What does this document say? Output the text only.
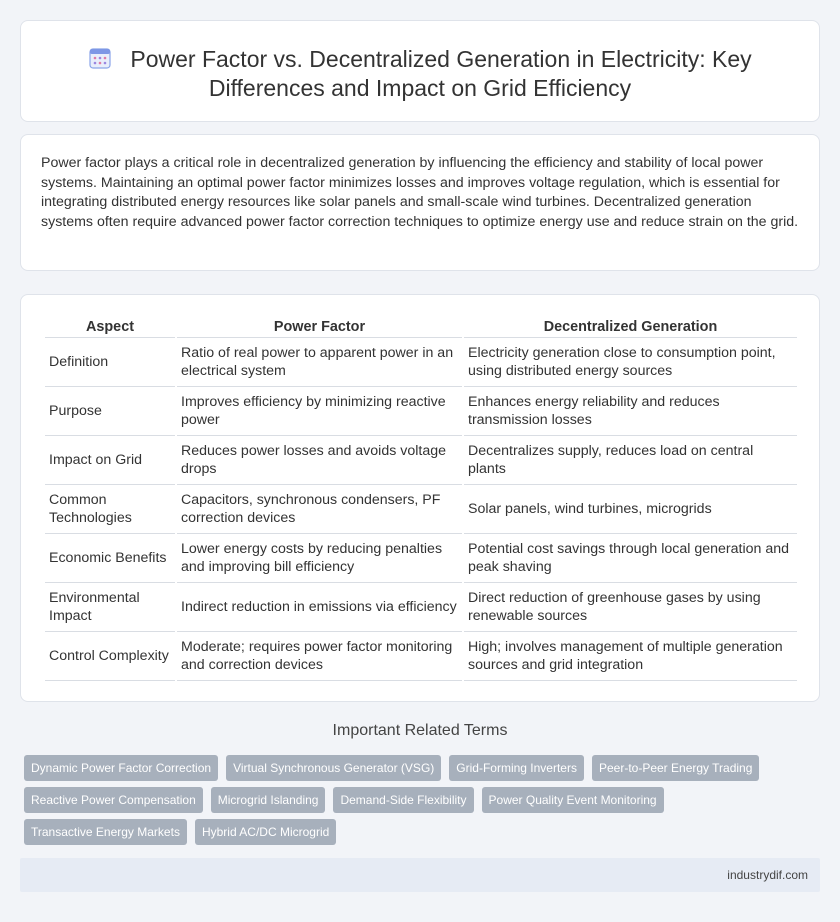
Power Factor vs. Decentralized Generation in Electricity: Key Differences and Impact on Grid Efficiency

Power factor plays a critical role in decentralized generation by influencing the efficiency and stability of local power systems. Maintaining an optimal power factor minimizes losses and improves voltage regulation, which is essential for integrating distributed energy resources like solar panels and small-scale wind turbines. Decentralized generation systems often require advanced power factor correction techniques to optimize energy use and reduce strain on the grid.

Aspect	Power Factor	Decentralized Generation
Definition	Ratio of real power to apparent power in an electrical system	Electricity generation close to consumption point, using distributed energy sources
Purpose	Improves efficiency by minimizing reactive power	Enhances energy reliability and reduces transmission losses
Impact on Grid	Reduces power losses and avoids voltage drops	Decentralizes supply, reduces load on central plants
Common Technologies	Capacitors, synchronous condensers, PF correction devices	Solar panels, wind turbines, microgrids
Economic Benefits	Lower energy costs by reducing penalties and improving bill efficiency	Potential cost savings through local generation and peak shaving
Environmental Impact	Indirect reduction in emissions via efficiency	Direct reduction of greenhouse gases by using renewable sources
Control Complexity	Moderate; requires power factor monitoring and correction devices	High; involves management of multiple generation sources and grid integration
Important Related Terms
Dynamic Power Factor Correction	Virtual Synchronous Generator (VSG)	Grid-Forming Inverters	Peer-to-Peer Energy Trading
Reactive Power Compensation	Microgrid Islanding	Demand-Side Flexibility	Power Quality Event Monitoring
Transactive Energy Markets	Hybrid AC/DC Microgrid
industrydif.com
